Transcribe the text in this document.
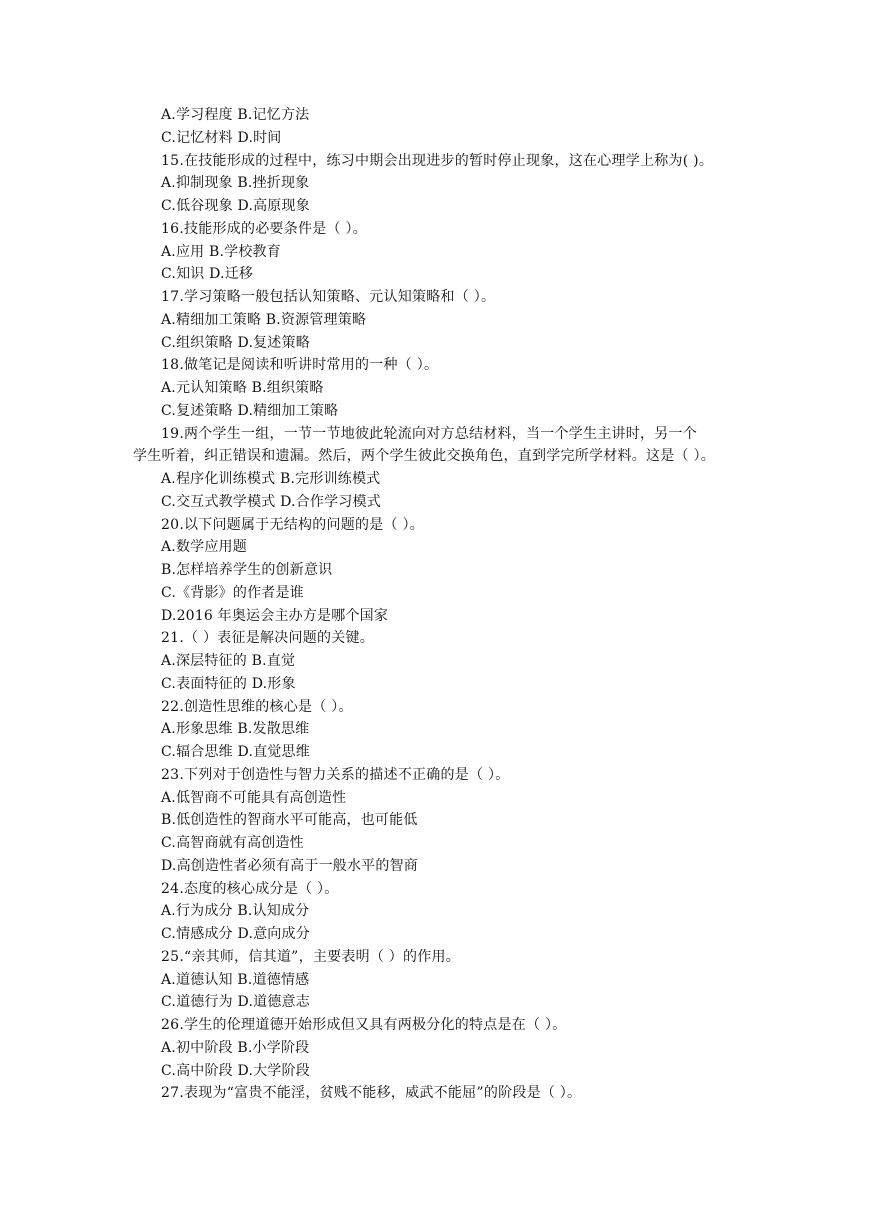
A.学习程度 B.记忆方法
C.记忆材料 D.时间
15.在技能形成的过程中，练习中期会出现进步的暂时停止现象，这在心理学上称为( )。
A.抑制现象 B.挫折现象
C.低谷现象 D.高原现象
16.技能形成的必要条件是（ ）。
A.应用 B.学校教育
C.知识 D.迁移
17.学习策略一般包括认知策略、元认知策略和（ ）。
A.精细加工策略 B.资源管理策略
C.组织策略 D.复述策略
18.做笔记是阅读和听讲时常用的一种（ ）。
A.元认知策略 B.组织策略
C.复述策略 D.精细加工策略
19.两个学生一组，一节一节地彼此轮流向对方总结材料，当一个学生主讲时，另一个
学生听着，纠正错误和遗漏。然后，两个学生彼此交换角色，直到学完所学材料。这是（ ）。
A.程序化训练模式 B.完形训练模式
C.交互式教学模式 D.合作学习模式
20.以下问题属于无结构的问题的是（ ）。
A.数学应用题
B.怎样培养学生的创新意识
C.《背影》的作者是谁
D.2016 年奥运会主办方是哪个国家
21.（ ）表征是解决问题的关键。
A.深层特征的 B.直觉
C.表面特征的 D.形象
22.创造性思维的核心是（ ）。
A.形象思维 B.发散思维
C.辐合思维 D.直觉思维
23.下列对于创造性与智力关系的描述不正确的是（ ）。
A.低智商不可能具有高创造性
B.低创造性的智商水平可能高，也可能低
C.高智商就有高创造性
D.高创造性者必须有高于一般水平的智商
24.态度的核心成分是（ ）。
A.行为成分 B.认知成分
C.情感成分 D.意向成分
25.“亲其师，信其道”，主要表明（ ）的作用。
A.道德认知 B.道德情感
C.道德行为 D.道德意志
26.学生的伦理道德开始形成但又具有两极分化的特点是在（ ）。
A.初中阶段 B.小学阶段
C.高中阶段 D.大学阶段
27.表现为“富贵不能淫，贫贱不能移，威武不能屈”的阶段是（ ）。
